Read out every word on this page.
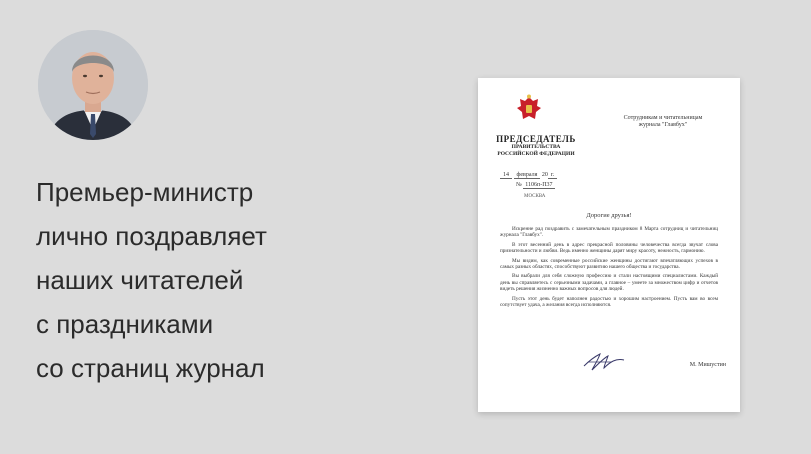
Премьер-министр
лично поздравляет
наших читателей
с праздниками
со страниц журнал
ПРЕДСЕДАТЕЛЬ
ПРАВИТЕЛЬСТВА
РОССИЙСКОЙ ФЕДЕРАЦИИ
Сотрудникам и читательницам
журнала "Главбух"
14 февраля 20 г.
№ 1106п-П37
МОСКВА
Дорогие друзья!

Искренне рад поздравить с замечательным праздником 8 Марта сотрудниц и читательниц журнала "Главбух".

В этот весенний день в адрес прекрасной половины человечества всегда звучат слова признательности и любви. Ведь именно женщины дарят миру красоту, нежность, гармонию.

Мы видим, как современные российские женщины достигают впечатляющих успехов в самых разных областях, способствуют развитию нашего общества и государства.

Вы выбрали для себя сложную профессию и стали настоящими специалистами. Каждый день вы справляетесь с серьезными задачами, а главное – умеете за множеством цифр и отчетов видеть решения жизненно важных вопросов для людей.

Пусть этот день будет наполнен радостью и хорошим настроением. Пусть вам во всем сопутствует удача, а желания всегда исполняются.

М. Мишустин
